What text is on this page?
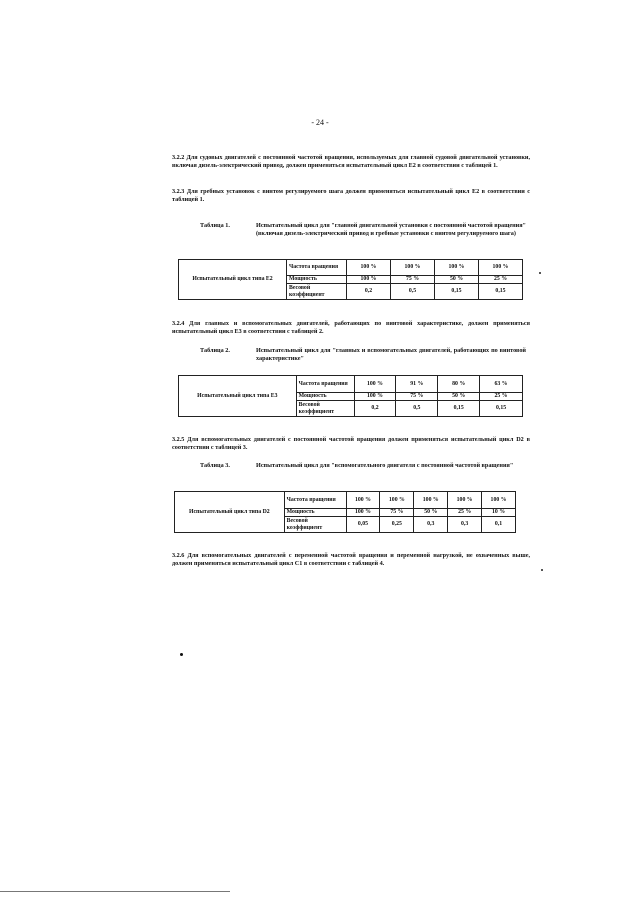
- 24 -
3.2.2 Для судовых двигателей с постоянной частотой вращения, используемых для главной судовой двигательной установки, включая дизель-электрический привод, должен применяться испытательный цикл E2 в соответствии с таблицей 1.
3.2.3 Для гребных установок с винтом регулируемого шага должен применяться испытательный цикл E2 в соответствии с таблицей 1.
Таблица 1.	Испытательный цикл для "главной двигательной установки с постоянной частотой вращения" (включая дизель-электрический привод и гребные установки с винтом регулируемого шага)
Испытательный цикл типа E2	Частота вращения	100 %	100 %	100 %	100 %
	Мощность	100 %	75 %	50 %	25 %
	Весовой коэффициент	0,2	0,5	0,15	0,15
3.2.4 Для главных и вспомогательных двигателей, работающих по винтовой характеристике, должен применяться испытательный цикл E3 в соответствии с таблицей 2.
Таблица 2.	Испытательный цикл для "главных и вспомогательных двигателей, работающих по винтовой характеристике"
Испытательный цикл типа E3	Частота вращения	100 %	91 %	80 %	63 %
	Мощность	100 %	75 %	50 %	25 %
	Весовой коэффициент	0,2	0,5	0,15	0,15
3.2.5 Для вспомогательных двигателей с постоянной частотой вращения должен применяться испытательный цикл D2 в соответствии с таблицей 3.
Таблица 3.	Испытательный цикл для "вспомогательного двигателя с постоянной частотой вращения"
Испытательный цикл типа D2	Частота вращения	100 %	100 %	100 %	100 %	100 %
	Мощность	100 %	75 %	50 %	25 %	10 %
	Весовой коэффициент	0,05	0,25	0,3	0,3	0,1
3.2.6 Для вспомогательных двигателей с переменной частотой вращения и переменной нагрузкой, не охваченных выше, должен применяться испытательный цикл C1 в соответствии с таблицей 4.
